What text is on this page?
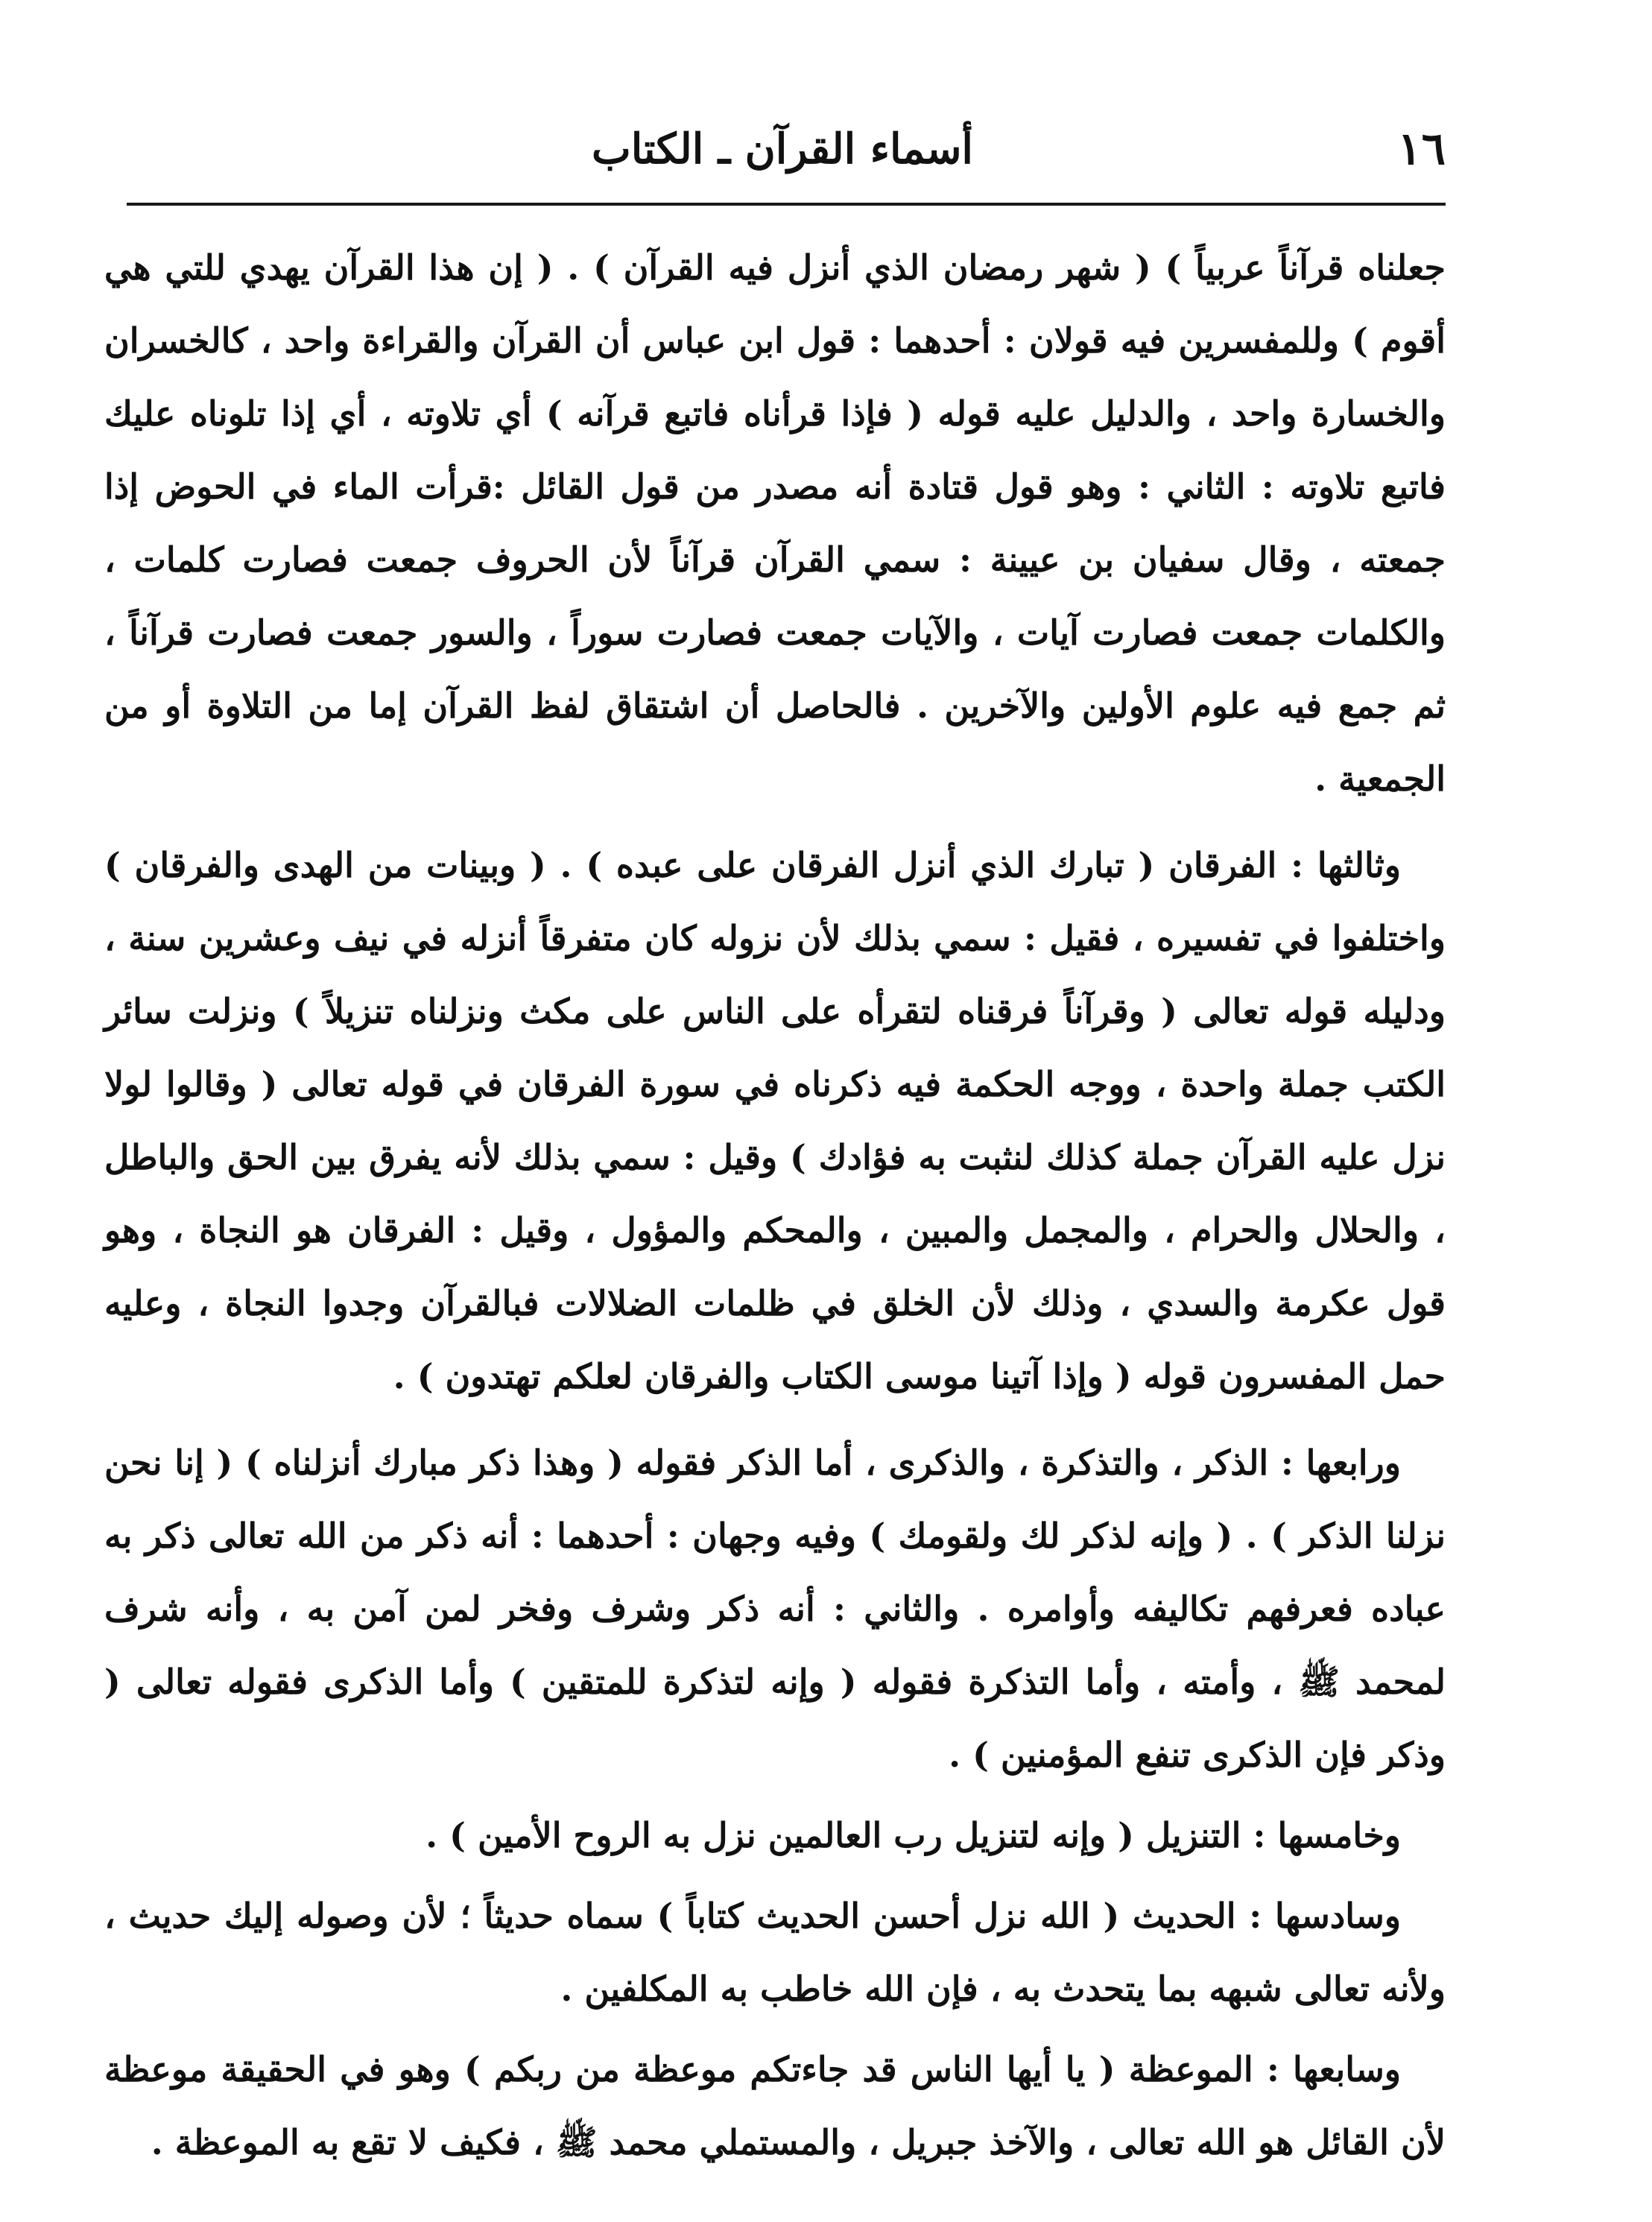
١٦
أسماء القرآن ـ الكتاب

جعلناه قرآناً عربياً ) ( شهر رمضان الذي أنزل فيه القرآن ) . ( إن هذا القرآن يهدي للتي هي أقوم ) وللمفسرين فيه قولان : أحدهما : قول ابن عباس أن القرآن والقراءة واحد ، كالخسران والخسارة واحد ، والدليل عليه قوله ( فإذا قرأناه فاتبع قرآنه ) أي تلاوته ، أي إذا تلوناه عليك فاتبع تلاوته : الثاني : وهو قول قتادة أنه مصدر من قول القائل :قرأت الماء في الحوض إذا جمعته ، وقال سفيان بن عيينة : سمي القرآن قرآناً لأن الحروف جمعت فصارت كلمات ، والكلمات جمعت فصارت آيات ، والآيات جمعت فصارت سوراً ، والسور جمعت فصارت قرآناً ، ثم جمع فيه علوم الأولين والآخرين . فالحاصل أن اشتقاق لفظ القرآن إما من التلاوة أو من الجمعية .

وثالثها : الفرقان ( تبارك الذي أنزل الفرقان على عبده ) . ( وبينات من الهدى والفرقان ) واختلفوا في تفسيره ، فقيل : سمي بذلك لأن نزوله كان متفرقاً أنزله في نيف وعشرين سنة ، ودليله قوله تعالى ( وقرآناً فرقناه لتقرأه على الناس على مكث ونزلناه تنزيلاً ) ونزلت سائر الكتب جملة واحدة ، ووجه الحكمة فيه ذكرناه في سورة الفرقان في قوله تعالى ( وقالوا لولا نزل عليه القرآن جملة كذلك لنثبت به فؤادك ) وقيل : سمي بذلك لأنه يفرق بين الحق والباطل ، والحلال والحرام ، والمجمل والمبين ، والمحكم والمؤول ، وقيل : الفرقان هو النجاة ، وهو قول عكرمة والسدي ، وذلك لأن الخلق في ظلمات الضلالات فبالقرآن وجدوا النجاة ، وعليه حمل المفسرون قوله ( وإذا آتينا موسى الكتاب والفرقان لعلكم تهتدون ) .

ورابعها : الذكر ، والتذكرة ، والذكرى ، أما الذكر فقوله ( وهذا ذكر مبارك أنزلناه ) ( إنا نحن نزلنا الذكر ) . ( وإنه لذكر لك ولقومك ) وفيه وجهان : أحدهما : أنه ذكر من الله تعالى ذكر به عباده فعرفهم تكاليفه وأوامره . والثاني : أنه ذكر وشرف وفخر لمن آمن به ، وأنه شرف لمحمد ﷺ ، وأمته ، وأما التذكرة فقوله ( وإنه لتذكرة للمتقين ) وأما الذكرى فقوله تعالى ( وذكر فإن الذكرى تنفع المؤمنين ) .

وخامسها : التنزيل ( وإنه لتنزيل رب العالمين نزل به الروح الأمين ) .

وسادسها : الحديث ( الله نزل أحسن الحديث كتاباً ) سماه حديثاً ؛ لأن وصوله إليك حديث ، ولأنه تعالى شبهه بما يتحدث به ، فإن الله خاطب به المكلفين .

وسابعها : الموعظة ( يا أيها الناس قد جاءتكم موعظة من ربكم ) وهو في الحقيقة موعظة لأن القائل هو الله تعالى ، والآخذ جبريل ، والمستملي محمد ﷺ ، فكيف لا تقع به الموعظة .
